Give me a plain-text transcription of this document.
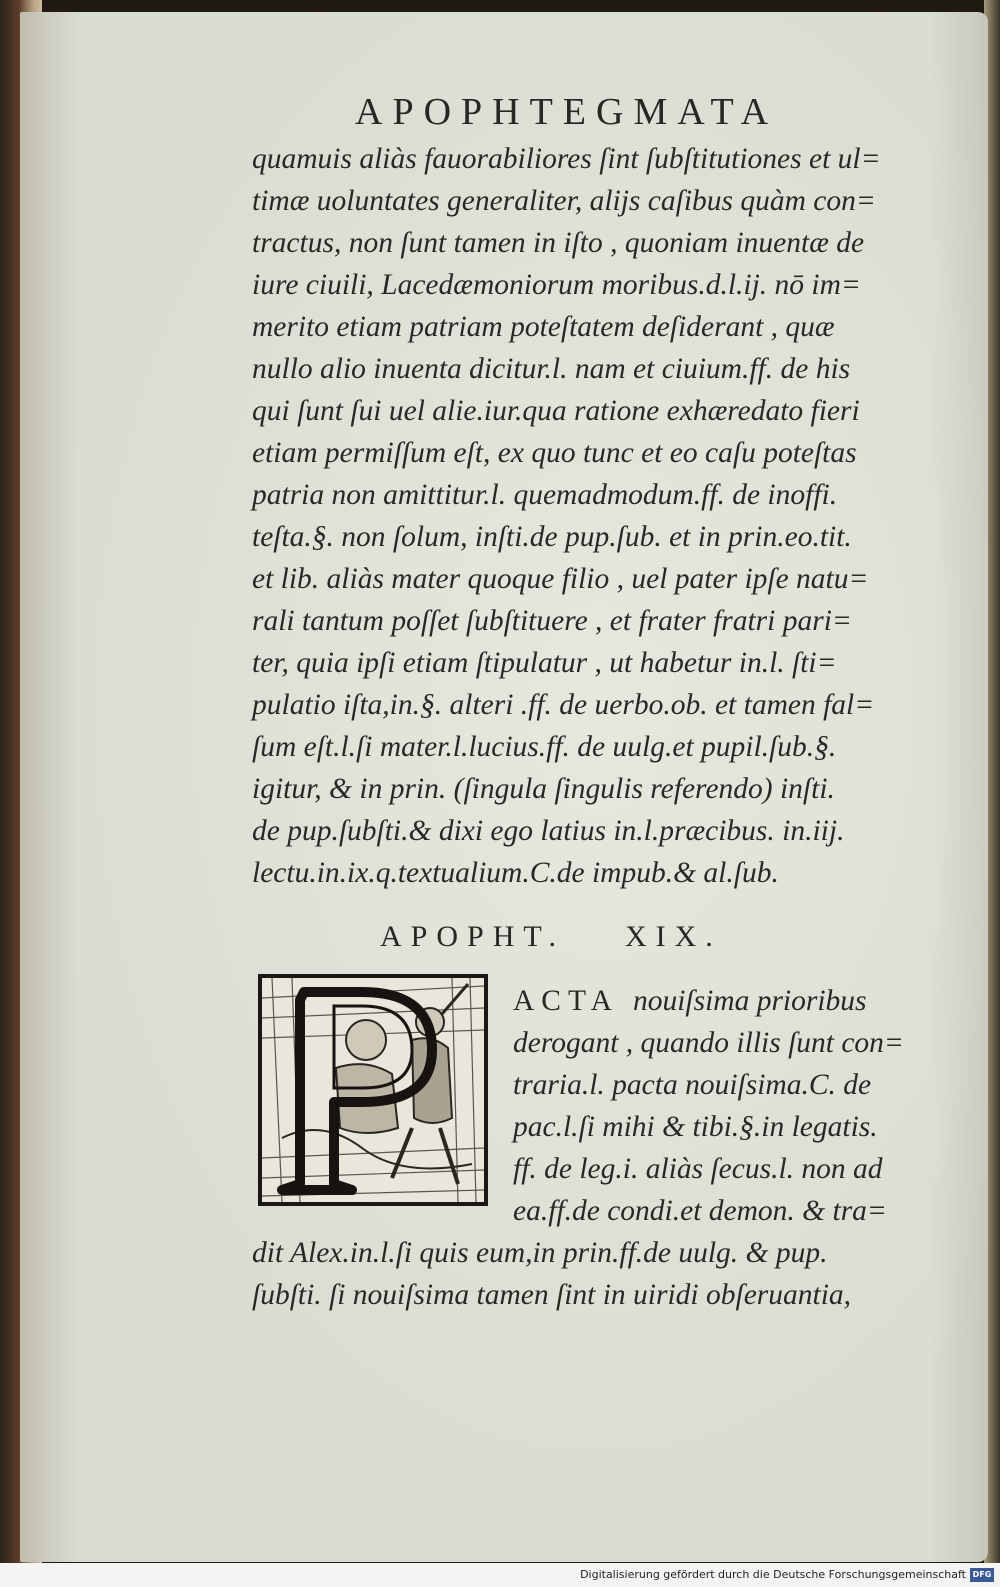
APOPHTEGMATA
quamuis aliàs fauorabiliores ſint ſubſtitutiones et ul=
timæ uoluntates generaliter, alijs caſibus quàm con=
tractus, non ſunt tamen in iſto , quoniam inuentæ de
iure ciuili, Lacedæmoniorum moribus.d.l.ij. nō im=
merito etiam patriam poteſtatem deſiderant , quæ
nullo alio inuenta dicitur.l. nam et ciuium.ff. de his
qui ſunt ſui uel alie.iur.qua ratione exhæredato fieri
etiam permiſſum eſt, ex quo tunc et eo caſu poteſtas
patria non amittitur.l. quemadmodum.ff. de inoffi.
teſta.§. non ſolum, inſti.de pup.ſub. et in prin.eo.tit.
et lib. aliàs mater quoque filio , uel pater ipſe natu=
rali tantum poſſet ſubſtituere , et frater fratri pari=
ter, quia ipſi etiam ſtipulatur , ut habetur in.l. ſti=
pulatio iſta,in.§. alteri .ff. de uerbo.ob. et tamen fal=
ſum eſt.l.ſi mater.l.lucius.ff. de uulg.et pupil.ſub.§.
igitur, & in prin. (ſingula ſingulis referendo) inſti.
de pup.ſubſti.& dixi ego latius in.l.præcibus. in.iij.
lectu.in.ix.q.textualium.C.de impub.& al.ſub.
APOPHT. XIX.
P
ACTA nouiſsima prioribus
derogant , quando illis ſunt con=
traria.l. pacta nouiſsima.C. de
pac.l.ſi mihi & tibi.§.in legatis.
ff. de leg.i. aliàs ſecus.l. non ad
ea.ff.de condi.et demon. & tra=
dit Alex.in.l.ſi quis eum,in prin.ff.de uulg. & pup.
ſubſti. ſi nouiſsima tamen ſint in uiridi obſeruantia,
Digitalisierung gefördert durch die Deutsche Forschungsgemeinschaft DFG
